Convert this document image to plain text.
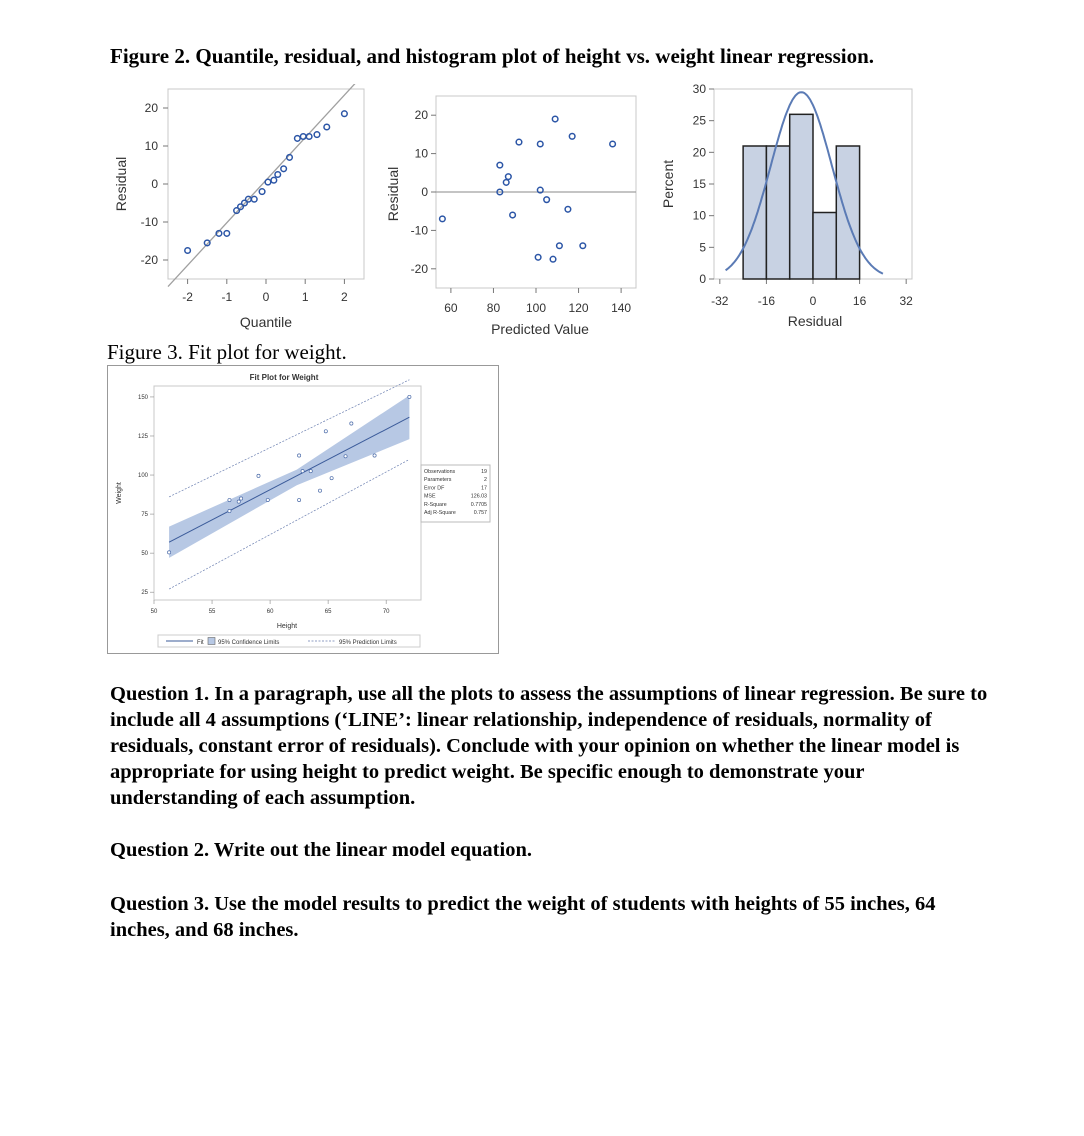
Figure 2. Quantile, residual, and histogram plot of height vs. weight linear regression.
20
10
0
-10
-20
-2 -1	0	1	2
Quantile
Residual
20
10
0
-10
-20
60 80 100 120 140
Predicted Value
Residual
30
25
20
15
10
5
0
-32 -16	0	16	32
Residual
Percent
Figure 3. Fit plot for weight.
Fit Plot for Weight
150
125
100
75
50
25
50	55	60	65	70
Height
Weight
Observations	19
Parameters	2
Error DF	17
MSE	126.03
R-Square	0.7705
Adj R-Square	0.757
Fit 95% Confidence Limits	95% Prediction Limits

Question 1. In a paragraph, use all the plots to assess the assumptions of linear regression. Be sure to include all 4 assumptions (‘LINE’: linear relationship, independence of residuals, normality of residuals, constant error of residuals). Conclude with your opinion on whether the linear model is appropriate for using height to predict weight. Be specific enough to demonstrate your understanding of each assumption.

Question 2. Write out the linear model equation.

Question 3. Use the model results to predict the weight of students with heights of 55 inches, 64 inches, and 68 inches.
